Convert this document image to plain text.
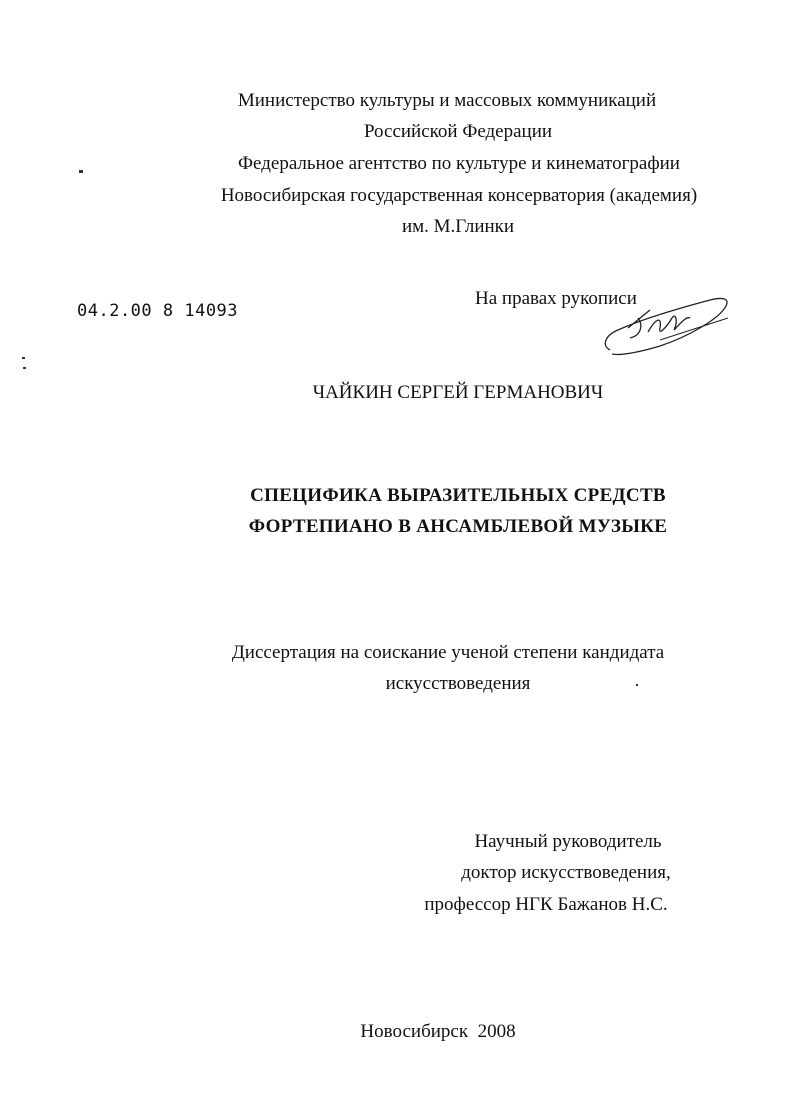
Министерство культуры и массовых коммуникаций
Российской Федерации
Федеральное агентство по культуре и кинематографии
Новосибирская государственная консерватория (академия)
им. М.Глинки
04.2.00 8 14093
На правах рукописи
ЧАЙКИН СЕРГЕЙ ГЕРМАНОВИЧ
СПЕЦИФИКА ВЫРАЗИТЕЛЬНЫХ СРЕДСТВ
ФОРТЕПИАНО В АНСАМБЛЕВОЙ МУЗЫКЕ
Диссертация на соискание ученой степени кандидата
искусствоведения
Научный руководитель
доктор искусствоведения,
профессор НГК Бажанов Н.С.
Новосибирск  2008
